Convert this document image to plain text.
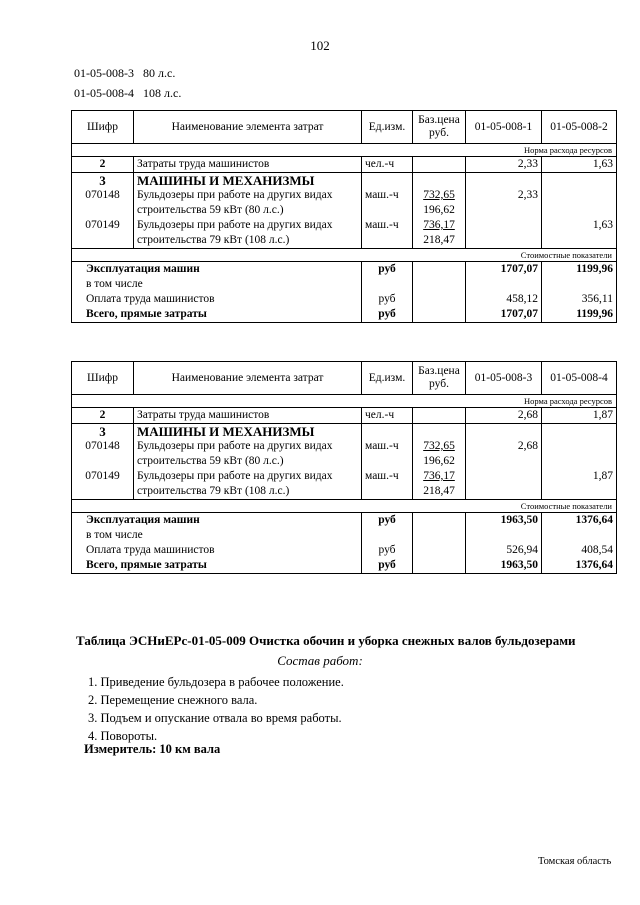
102
01-05-008-3 80 л.с.
01-05-008-4 108 л.с.
Шифр	Наименование элемента затрат	Ед.изм.	Баз.цена руб.	01-05-008-1	01-05-008-2
Норма расхода ресурсов					
2	Затраты труда машинистов	чел.-ч		2,33	1,63
3	МАШИНЫ И МЕХАНИЗМЫ				
070148	Бульдозеры при работе на других видах	маш.-ч	732,65	2,33	
	строительства 59 кВт (80 л.с.)		196,62		
070149	Бульдозеры при работе на других видах	маш.-ч	736,17		1,63
	строительства 79 кВт (108 л.с.)		218,47		
Стоимостные показатели					
Эксплуатация машин		руб		1707,07	1199,96
в том числе					
Оплата труда машинистов		руб		458,12	356,11
Всего, прямые затраты		руб		1707,07	1199,96
Шифр	Наименование элемента затрат	Ед.изм.	Баз.цена руб.	01-05-008-3	01-05-008-4
Норма расхода ресурсов					
2	Затраты труда машинистов	чел.-ч		2,68	1,87
3	МАШИНЫ И МЕХАНИЗМЫ				
070148	Бульдозеры при работе на других видах	маш.-ч	732,65	2,68	
	строительства 59 кВт (80 л.с.)		196,62		
070149	Бульдозеры при работе на других видах	маш.-ч	736,17		1,87
	строительства 79 кВт (108 л.с.)		218,47		
Стоимостные показатели					
Эксплуатация машин		руб		1963,50	1376,64
в том числе					
Оплата труда машинистов		руб		526,94	408,54
Всего, прямые затраты		руб		1963,50	1376,64
Таблица ЭСНиЕРс-01-05-009 Очистка обочин и уборка снежных валов бульдозерами
Состав работ:
1. Приведение бульдозера в рабочее положение.
2. Перемещение снежного вала.
3. Подъем и опускание отвала во время работы.
4. Повороты.
Измеритель: 10 км вала
Томская область
